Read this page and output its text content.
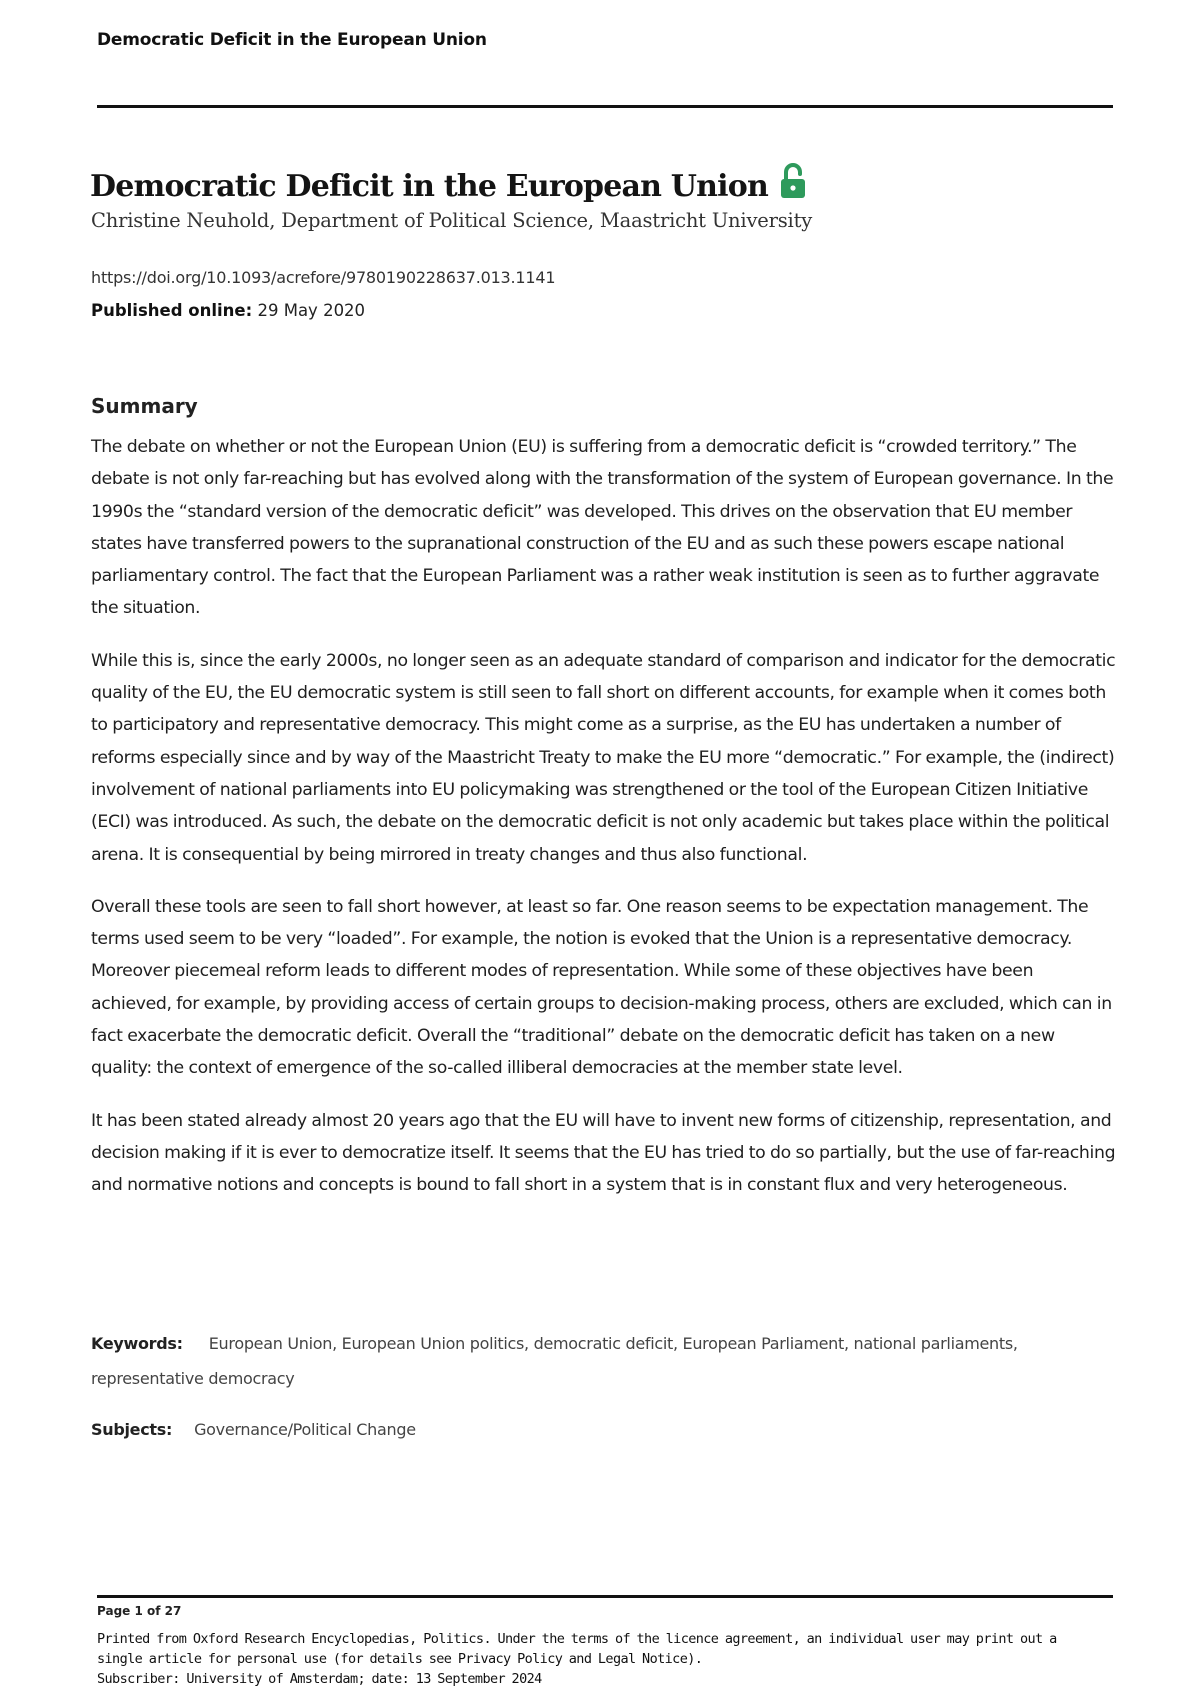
Democratic Deficit in the European Union
Democratic Deficit in the European Union
Christine Neuhold, Department of Political Science, Maastricht University
https://doi.org/10.1093/acrefore/9780190228637.013.1141
Published online: 29 May 2020
Summary

The debate on whether or not the European Union (EU) is suffering from a democratic deficit is “crowded territory.” The debate is not only far-reaching but has evolved along with the transformation of the system of European governance. In the 1990s the “standard version of the democratic deficit” was developed. This drives on the observation that EU member states have transferred powers to the supranational construction of the EU and as such these powers escape national parliamentary control. The fact that the European Parliament was a rather weak institution is seen as to further aggravate the situation.

While this is, since the early 2000s, no longer seen as an adequate standard of comparison and indicator for the democratic quality of the EU, the EU democratic system is still seen to fall short on different accounts, for example when it comes both to participatory and representative democracy. This might come as a surprise, as the EU has undertaken a number of reforms especially since and by way of the Maastricht Treaty to make the EU more “democratic.” For example, the (indirect) involvement of national parliaments into EU policymaking was strengthened or the tool of the European Citizen Initiative (ECI) was introduced. As such, the debate on the democratic deficit is not only academic but takes place within the political arena. It is consequential by being mirrored in treaty changes and thus also functional.

Overall these tools are seen to fall short however, at least so far. One reason seems to be expectation management. The terms used seem to be very “loaded”. For example, the notion is evoked that the Union is a representative democracy. Moreover piecemeal reform leads to different modes of representation. While some of these objectives have been achieved, for example, by providing access of certain groups to decision-making process, others are excluded, which can in fact exacerbate the democratic deficit. Overall the “traditional” debate on the democratic deficit has taken on a new quality: the context of emergence of the so-called illiberal democracies at the member state level.

It has been stated already almost 20 years ago that the EU will have to invent new forms of citizenship, representation, and decision making if it is ever to democratize itself. It seems that the EU has tried to do so partially, but the use of far-reaching and normative notions and concepts is bound to fall short in a system that is in constant flux and very heterogeneous.

Keywords: European Union, European Union politics, democratic deficit, European Parliament, national parliaments, representative democracy
Subjects: Governance/Political Change
Page 1 of 27
Printed from Oxford Research Encyclopedias, Politics. Under the terms of the licence agreement, an individual user may print out a
single article for personal use (for details see Privacy Policy and Legal Notice).
Subscriber: University of Amsterdam; date: 13 September 2024
